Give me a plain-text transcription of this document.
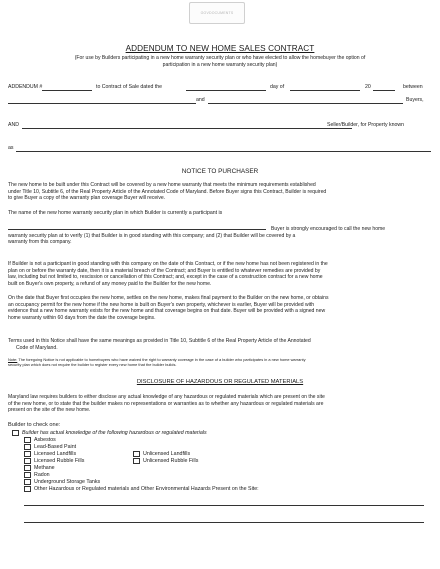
GOVDOCUMENTS
ADDENDUM TO NEW HOME SALES CONTRACT
(For use by Builders participating in a new home warranty security plan or who have elected to allow the homebuyer the option of
participation in a new home warranty security plan)
ADDENDUM #	to Contract of Sale dated the	day of	20	between
and	Buyers,
AND	Seller/Builder, for Property known
as
NOTICE TO PURCHASER
The new home to be built under this Contract will be covered by a new home warranty that meets the minimum requirements established
under Title 10, Subtitle 6, of the Real Property Article of the Annotated Code of Maryland. Before Buyer signs this Contract, Builder is required
to give Buyer a copy of the warranty plan coverage Buyer will receive.
The name of the new home warranty security plan in which Builder is currently a participant is
Buyer is strongly encouraged to call the new home
warranty security plan at to verify (1) that Builder is in good standing with this company; and (2) that Builder will be covered by a
warranty from this company.
If Builder is not a participant in good standing with this company on the date of this Contract, or if the new home has not been registered in the
plan on or before the warranty date, then it is a material breach of the Contract; and Buyer is entitled to whatever remedies are provided by
law, including but not limited to, rescission or cancellation of this Contract; and, except in the case of a construction contract for a new home
built on Buyer's own property, a refund of any money paid to the Builder for the new home.
On the date that Buyer first occupies the new home, settles on the new home, makes final payment to the Builder on the new home, or obtains
an occupancy permit for the new home if the new home is built on Buyer's own property, whichever is earlier, Buyer will be provided with
evidence that a new home warranty exists for the new home and that coverage begins on that date. Buyer will be provided with a signed new
home warranty within 60 days from the date the coverage begins.
Terms used in this Notice shall have the same meanings as provided in Title 10, Subtitle 6 of the Real Property Article of the Annotated
Code of Maryland.
Note: The foregoing Notice is not applicable to homebuyers who have waived the right to warranty coverage in the case of a builder who participates in a new home warranty
security plan which does not require the builder to register every new home that the builder builds.
DISCLOSURE OF HAZARDOUS OR REGULATED MATERIALS
Maryland law requires builders to either disclose any actual knowledge of any hazardous or regulated materials which are present on the site
of the new home, or to state that the builder makes no representations or warranties as to whether any hazardous or regulated materials are
present on the site of the new home.
Builder to check one:
Builder has actual knowledge of the following hazardous or regulated materials
Asbestos
Lead-Based Paint
Licensed Landfills
Licensed Rubble Fills
Methane
Radon
Underground Storage Tanks
Unlicensed Landfills
Unlicensed Rubble Fills
Other Hazardous or Regulated materials and Other Environmental Hazards Present on the Site:
